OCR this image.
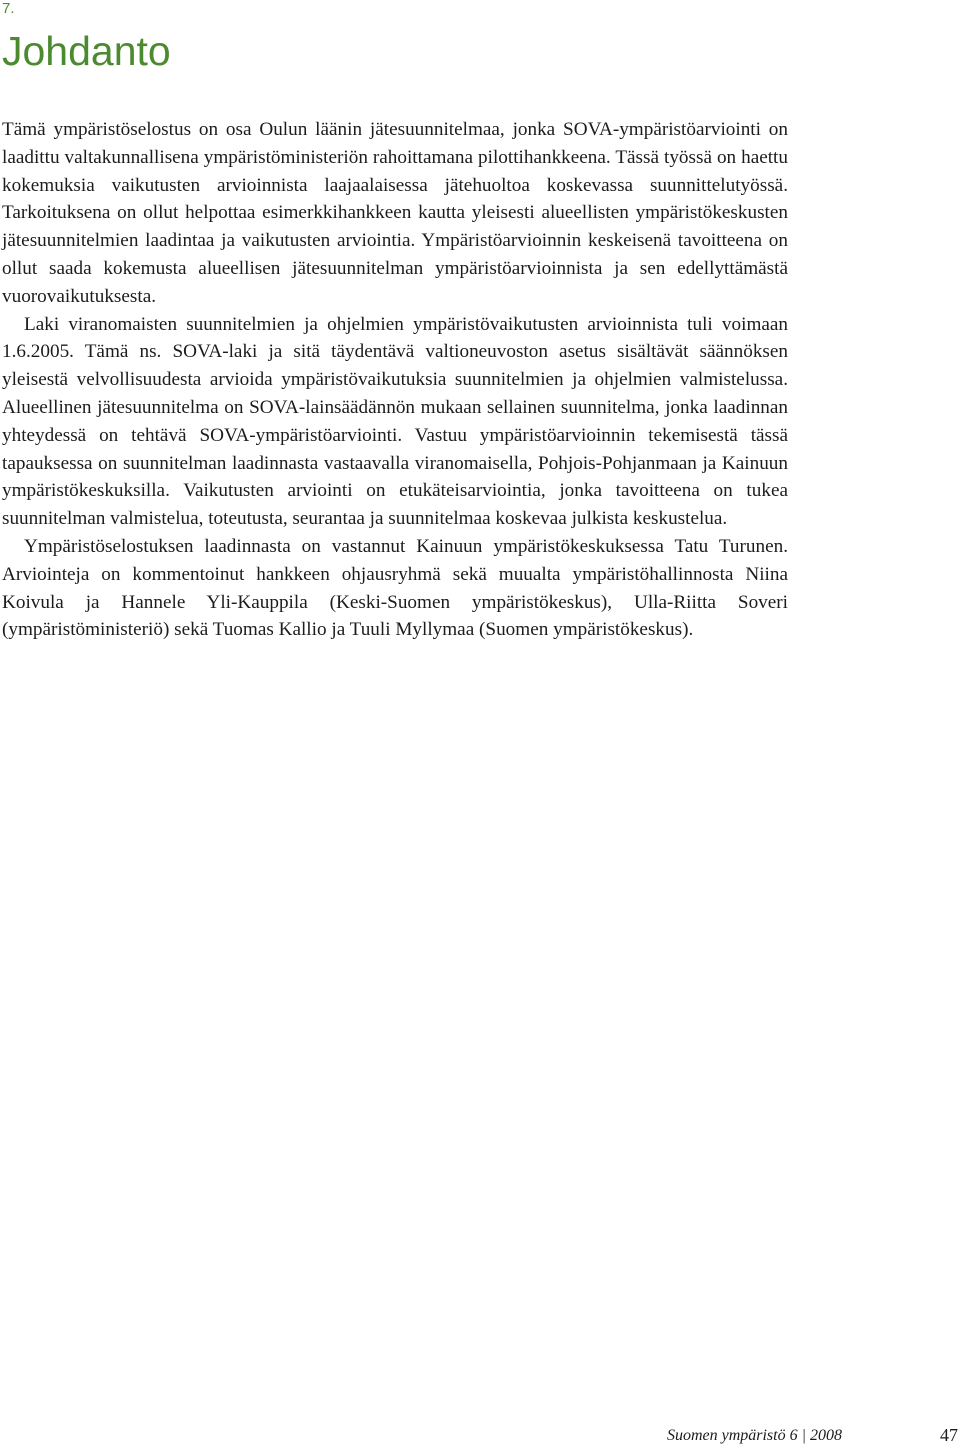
7.
Johdanto

Tämä ympäristöselostus on osa Oulun läänin jätesuunnitelmaa, jonka SOVA-ympäristöarviointi on laadittu valtakunnallisena ympäristöministeriön rahoittamana pilottihankkeena. Tässä työssä on haettu kokemuksia vaikutusten arvioinnista laajaalaisessa jätehuoltoa koskevassa suunnittelutyössä. Tarkoituksena on ollut helpottaa esimerkkihankkeen kautta yleisesti alueellisten ympäristökeskusten jätesuunnitelmien laadintaa ja vaikutusten arviointia. Ympäristöarvioinnin keskeisenä tavoitteena on ollut saada kokemusta alueellisen jätesuunnitelman ympäristöarvioinnista ja sen edellyttämästä vuorovaikutuksesta.

Laki viranomaisten suunnitelmien ja ohjelmien ympäristövaikutusten arvioinnista tuli voimaan 1.6.2005. Tämä ns. SOVA-laki ja sitä täydentävä valtioneuvoston asetus sisältävät säännöksen yleisestä velvollisuudesta arvioida ympäristövaikutuksia suunnitelmien ja ohjelmien valmistelussa. Alueellinen jätesuunnitelma on SOVA-lainsäädännön mukaan sellainen suunnitelma, jonka laadinnan yhteydessä on tehtävä SOVA-ympäristöarviointi. Vastuu ympäristöarvioinnin tekemisestä tässä tapauksessa on suunnitelman laadinnasta vastaavalla viranomaisella, Pohjois-Pohjanmaan ja Kainuun ympäristökeskuksilla. Vaikutusten arviointi on etukäteisarviointia, jonka tavoitteena on tukea suunnitelman valmistelua, toteutusta, seurantaa ja suunnitelmaa koskevaa julkista keskustelua.

Ympäristöselostuksen laadinnasta on vastannut Kainuun ympäristökeskuksessa Tatu Turunen. Arviointeja on kommentoinut hankkeen ohjausryhmä sekä muualta ympäristöhallinnosta Niina Koivula ja Hannele Yli-Kauppila (Keski-Suomen ympäristökeskus), Ulla-Riitta Soveri (ympäristöministeriö) sekä Tuomas Kallio ja Tuuli Myllymaa (Suomen ympäristökeskus).

Suomen ympäristö 6 | 2008	47
